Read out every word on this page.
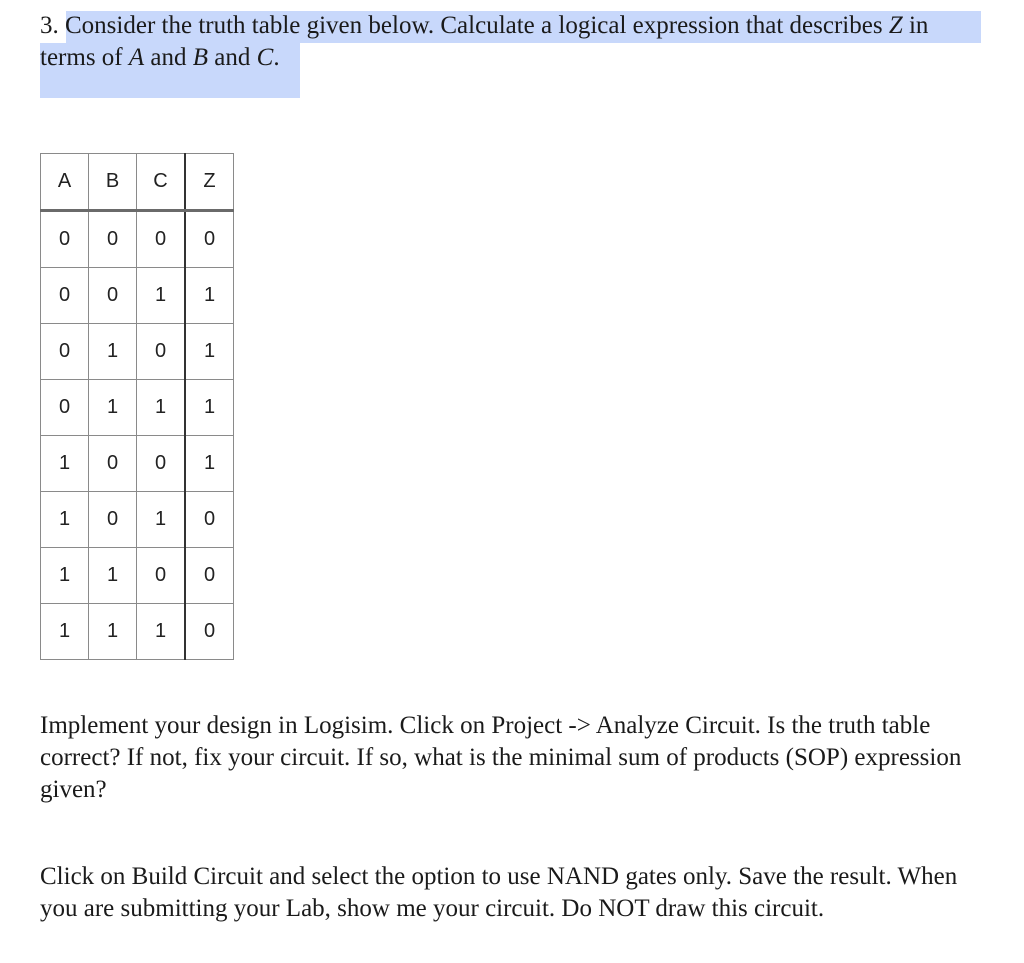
3. Consider the truth table given below. Calculate a logical expression that describes Z in terms of A and B and C.

A	B	C	Z
0	0	0	0
0	0	1	1
0	1	0	1
0	1	1	1
1	0	0	1
1	0	1	0
1	1	0	0
1	1	1	0

Implement your design in Logisim. Click on Project -> Analyze Circuit. Is the truth table correct? If not, fix your circuit. If so, what is the minimal sum of products (SOP) expression given?

Click on Build Circuit and select the option to use NAND gates only. Save the result. When you are submitting your Lab, show me your circuit. Do NOT draw this circuit.
